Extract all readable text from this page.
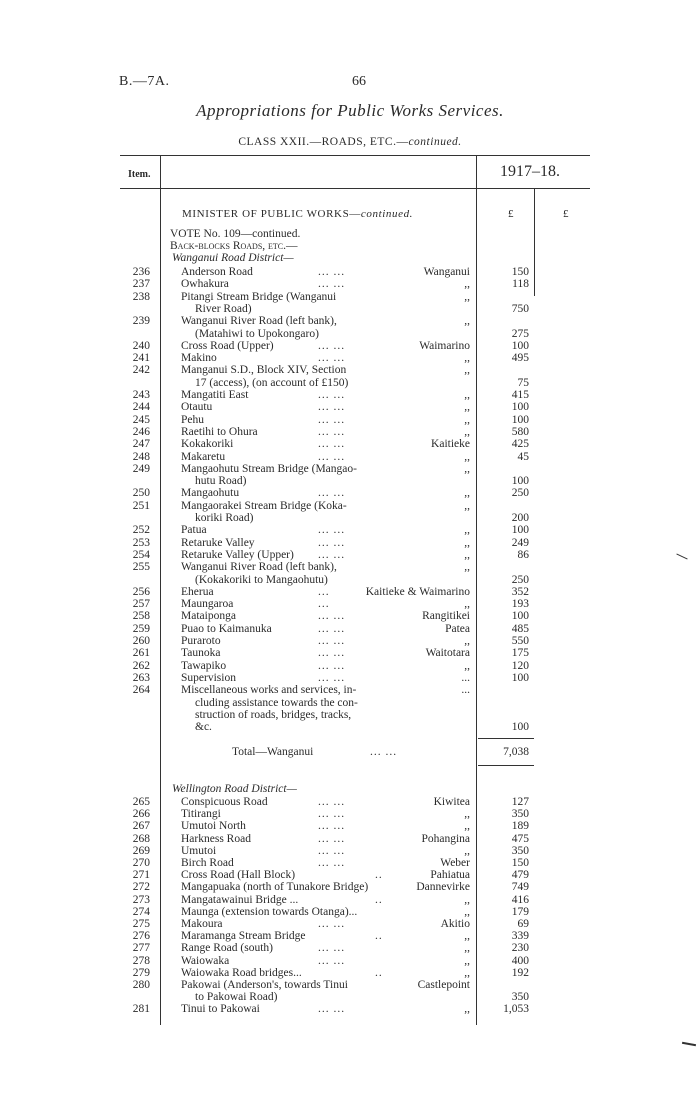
B.—7A.	66
Appropriations for Public Works Services.
CLASS XXII.—ROADS, ETC.—continued.
Item.	1917–18.
MINISTER OF PUBLIC WORKS—continued.	£	£
VOTE No. 109—continued.
Back-blocks Roads, etc.—
Wanganui Road District—
236	Anderson Road	... ...	Wanganui	150
237	Owhakura	... ...	,,	118
238	Pitangi Stream Bridge (Wanganui	,,
River Road)	750
239	Wanganui River Road (left bank),	,,
(Matahiwi to Upokongaro)	275
240	Cross Road (Upper)	... ...	Waimarino	100
241	Makino	... ...	,,	495
242	Manganui S.D., Block XIV, Section	,,
17 (access), (on account of £150)	75
243	Mangatiti East	... ...	,,	415
244	Otautu	... ...	,,	100
245	Pehu	... ...	,,	100
246	Raetihi to Ohura	... ...	,,	580
247	Kokakoriki	... ...	Kaitieke	425
248	Makaretu	... ...	,,	45
249	Mangaohutu Stream Bridge (Mangao-	,,
hutu Road)	100
250	Mangaohutu	... ...	,,	250
251	Mangaorakei Stream Bridge (Koka-	,,
koriki Road)	200
252	Patua	... ...	,,	100
253	Retaruke Valley	... ...	,,	249
254	Retaruke Valley (Upper) ... ...	,,	86
255	Wanganui River Road (left bank),	,,
(Kokakoriki to Mangaohutu)	250
256	Eherua	...	Kaitieke & Waimarino	352
257	Maungaroa	...	,,	193
258	Mataiponga	... ...	Rangitikei	100
259	Puao to Kaimanuka	... ...	Patea	485
260	Puraroto	... ...	,,	550
261	Taunoka	... ...	Waitotara	175
262	Tawapiko	... ...	,,	120
263	Supervision	... ...	...	100
264	Miscellaneous works and services, in-	...
cluding assistance towards the con-
struction of roads, bridges, tracks,
&c.	100
Total—Wanganui	... ...	7,038
Wellington Road District—
265	Conspicuous Road	... ...	Kiwitea	127
266	Titirangi	... ...	,,	350
267	Umutoi North	... ...	,,	189
268	Harkness Road	... ...	Pohangina	475
269	Umutoi	... ...	,,	350
270	Birch Road	... ...	Weber	150
271	Cross Road (Hall Block)	..	Pahiatua	479
272	Mangapuaka (north of Tunakore Bridge)	Dannevirke	749
273	Mangatawainui Bridge ...	..	,,	416
274	Maunga (extension towards Otanga)...	,,	179
275	Makoura	... ...	Akitio	69
276	Maramanga Stream Bridge	..	,,	339
277	Range Road (south)	... ...	,,	230
278	Waiowaka	... ...	,,	400
279	Waiowaka Road bridges...	..	,,	192
280	Pakowai (Anderson's, towards Tinui	Castlepoint
to Pakowai Road)	350
281	Tinui to Pakowai	... ...	,,	1,053
